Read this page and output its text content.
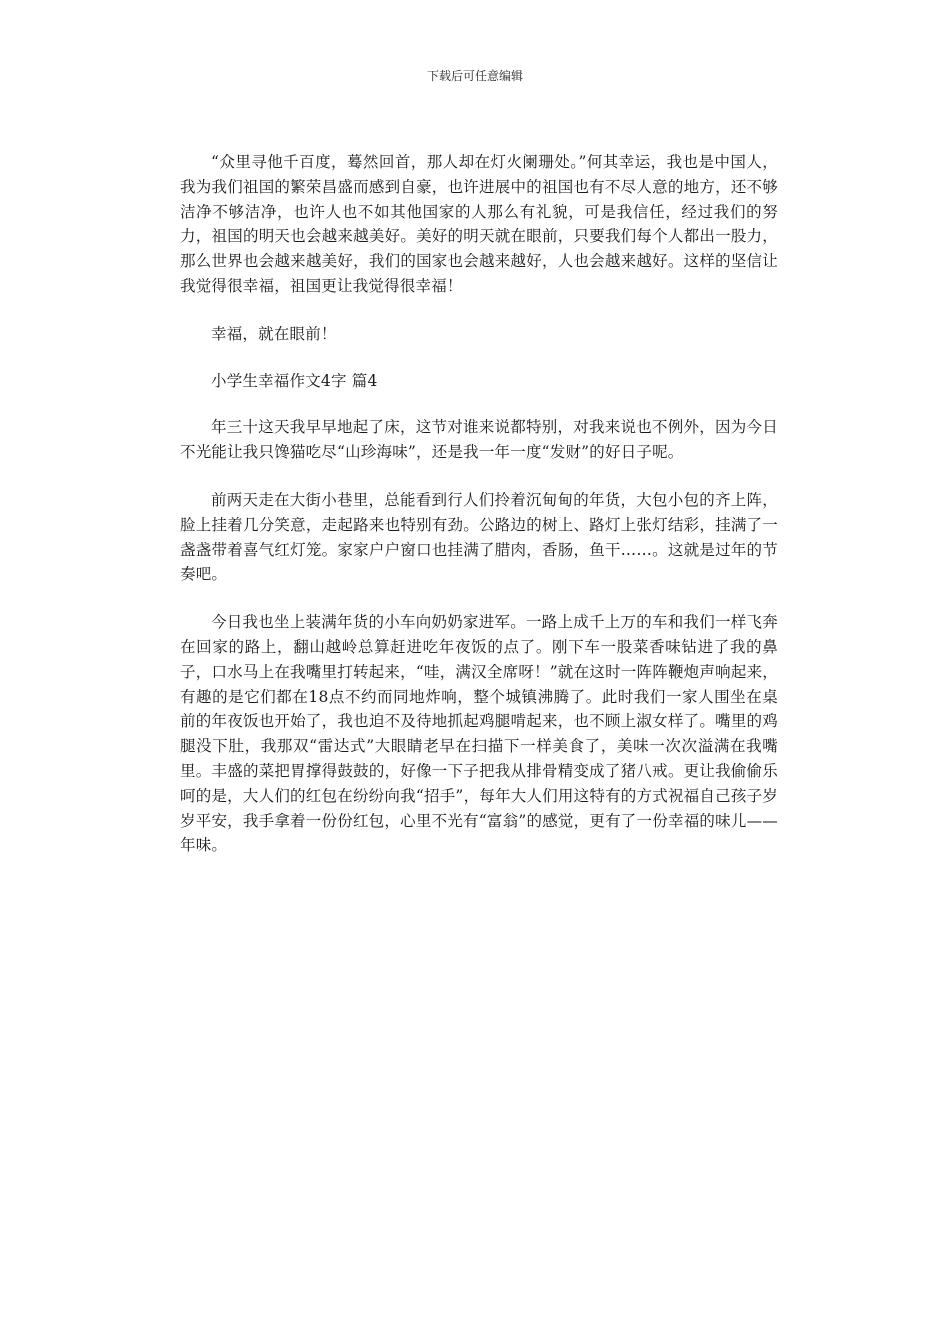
下载后可任意编辑

“众里寻他千百度，蓦然回首，那人却在灯火阑珊处。”何其幸运，我也是中国人，我为我们祖国的繁荣昌盛而感到自豪，也许进展中的祖国也有不尽人意的地方，还不够洁净不够洁净，也许人也不如其他国家的人那么有礼貌，可是我信任，经过我们的努力，祖国的明天也会越来越美好。美好的明天就在眼前，只要我们每个人都出一股力，那么世界也会越来越美好，我们的国家也会越来越好，人也会越来越好。这样的坚信让我觉得很幸福，祖国更让我觉得很幸福！

幸福，就在眼前！

小学生幸福作文4字 篇4

年三十这天我早早地起了床，这节对谁来说都特别，对我来说也不例外，因为今日不光能让我只馋猫吃尽“山珍海味”，还是我一年一度“发财”的好日子呢。

前两天走在大街小巷里，总能看到行人们拎着沉甸甸的年货，大包小包的齐上阵，脸上挂着几分笑意，走起路来也特别有劲。公路边的树上、路灯上张灯结彩，挂满了一盏盏带着喜气红灯笼。家家户户窗口也挂满了腊肉，香肠，鱼干……。这就是过年的节奏吧。

今日我也坐上装满年货的小车向奶奶家进军。一路上成千上万的车和我们一样飞奔在回家的路上，翻山越岭总算赶进吃年夜饭的点了。刚下车一股菜香味钻进了我的鼻子，口水马上在我嘴里打转起来，“哇，满汉全席呀！”就在这时一阵阵鞭炮声响起来，有趣的是它们都在18点不约而同地炸响，整个城镇沸腾了。此时我们一家人围坐在桌前的年夜饭也开始了，我也迫不及待地抓起鸡腿啃起来，也不顾上淑女样了。嘴里的鸡腿没下肚，我那双“雷达式”大眼睛老早在扫描下一样美食了，美味一次次溢满在我嘴里。丰盛的菜把胃撑得鼓鼓的，好像一下子把我从排骨精变成了猪八戒。更让我偷偷乐呵的是，大人们的红包在纷纷向我“招手”，每年大人们用这特有的方式祝福自己孩子岁岁平安，我手拿着一份份红包，心里不光有“富翁”的感觉，更有了一份幸福的味儿——年味。
